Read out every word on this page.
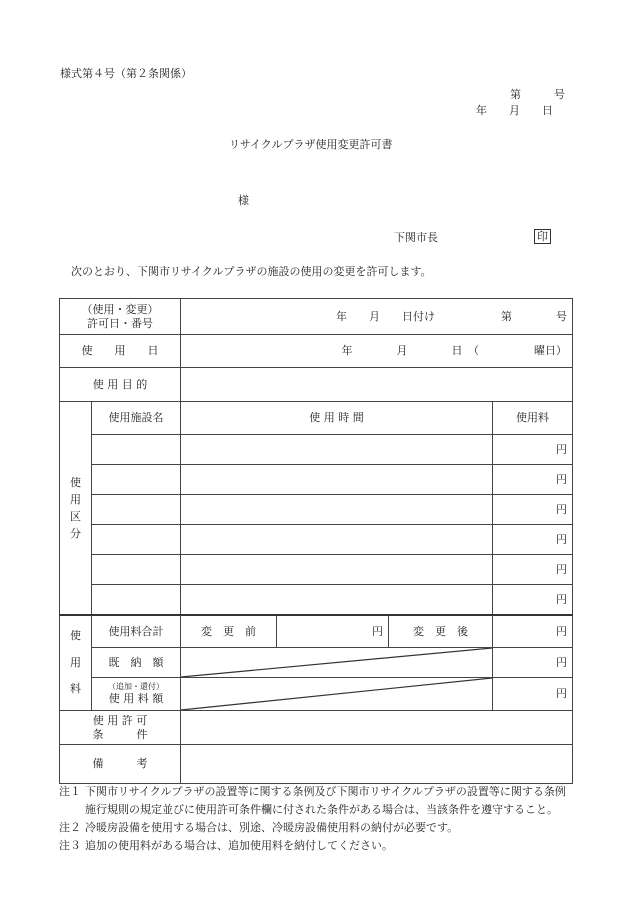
様式第４号（第２条関係）
第　　　号
年　　月　　日
リサイクルプラザ使用変更許可書
様
下関市長	印
次のとおり、下関市リサイクルプラザの施設の使用の変更を許可します。
（使用・変更）
許可日・番号		年　　月　　日付け　　　　　　第　　　　号			
使　　用　　日		年　　　　月　　　　日　（　　　　　曜日）			
使 用 目 的					

使
用
区
分	使用施設名	使 用 時 間			使用料
					円
					円
					円
					円
					円
					円

使
用
料	使用料合計	変　更　前	円	変　更　後	円
	既　納　額				円

	（追加・還付）
使 用 料 額				円

使 用 許 可
条　　　件					

備　　　考					
注１ 下関市リサイクルプラザの設置等に関する条例及び下関市リサイクルプラザの設置等に関する条例施行規則の規定並びに使用許可条件欄に付された条件がある場合は、当該条件を遵守すること。
注２ 冷暖房設備を使用する場合は、別途、冷暖房設備使用料の納付が必要です。
注３ 追加の使用料がある場合は、追加使用料を納付してください。
